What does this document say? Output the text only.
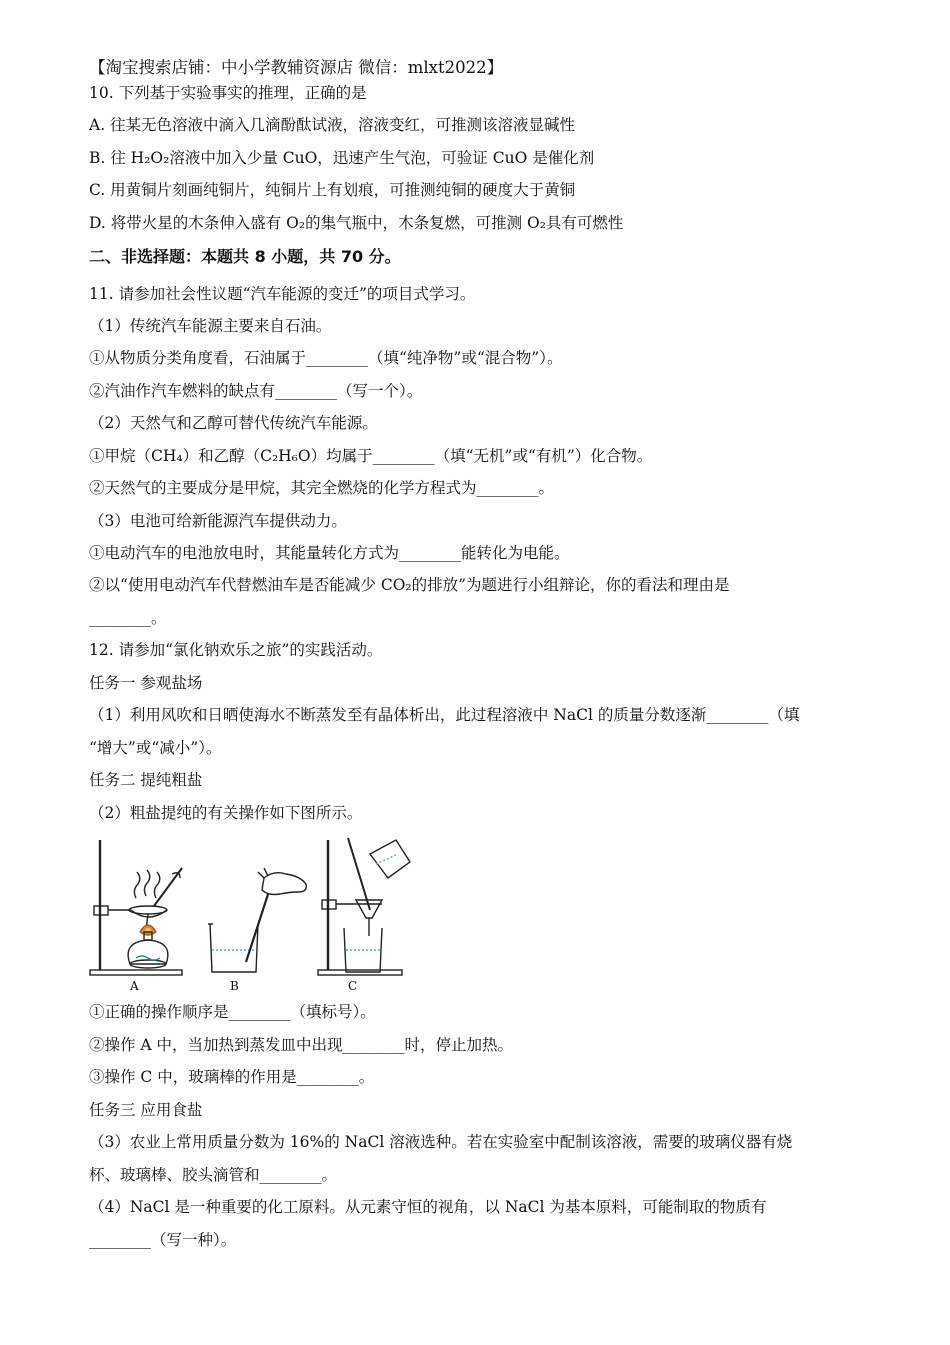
【淘宝搜索店铺：中小学教辅资源店 微信：mlxt2022】
10. 下列基于实验事实的推理，正确的是
A. 往某无色溶液中滴入几滴酚酞试液，溶液变红，可推测该溶液显碱性
B. 往 H₂O₂溶液中加入少量 CuO，迅速产生气泡，可验证 CuO 是催化剂
C. 用黄铜片刻画纯铜片，纯铜片上有划痕，可推测纯铜的硬度大于黄铜
D. 将带火星的木条伸入盛有 O₂的集气瓶中，木条复燃，可推测 O₂具有可燃性
二、非选择题：本题共 8 小题，共 70 分。
11. 请参加社会性议题“汽车能源的变迁”的项目式学习。
（1）传统汽车能源主要来自石油。
①从物质分类角度看，石油属于________（填“纯净物”或“混合物”）。
②汽油作汽车燃料的缺点有________（写一个）。
（2）天然气和乙醇可替代传统汽车能源。
①甲烷（CH₄）和乙醇（C₂H₆O）均属于________（填“无机”或“有机”）化合物。
②天然气的主要成分是甲烷，其完全燃烧的化学方程式为________。
（3）电池可给新能源汽车提供动力。
①电动汽车的电池放电时，其能量转化方式为________能转化为电能。
②以“使用电动汽车代替燃油车是否能减少 CO₂的排放”为题进行小组辩论，你的看法和理由是
________。
12. 请参加“氯化钠欢乐之旅”的实践活动。
任务一 参观盐场
（1）利用风吹和日晒使海水不断蒸发至有晶体析出，此过程溶液中 NaCl 的质量分数逐渐________（填
“增大”或“减小”）。
任务二 提纯粗盐
（2）粗盐提纯的有关操作如下图所示。
A	B	C
①正确的操作顺序是________（填标号）。
②操作 A 中，当加热到蒸发皿中出现________时，停止加热。
③操作 C 中，玻璃棒的作用是________。
任务三 应用食盐
（3）农业上常用质量分数为 16%的 NaCl 溶液选种。若在实验室中配制该溶液，需要的玻璃仪器有烧
杯、玻璃棒、胶头滴管和________。
（4）NaCl 是一种重要的化工原料。从元素守恒的视角，以 NaCl 为基本原料，可能制取的物质有
________（写一种）。
